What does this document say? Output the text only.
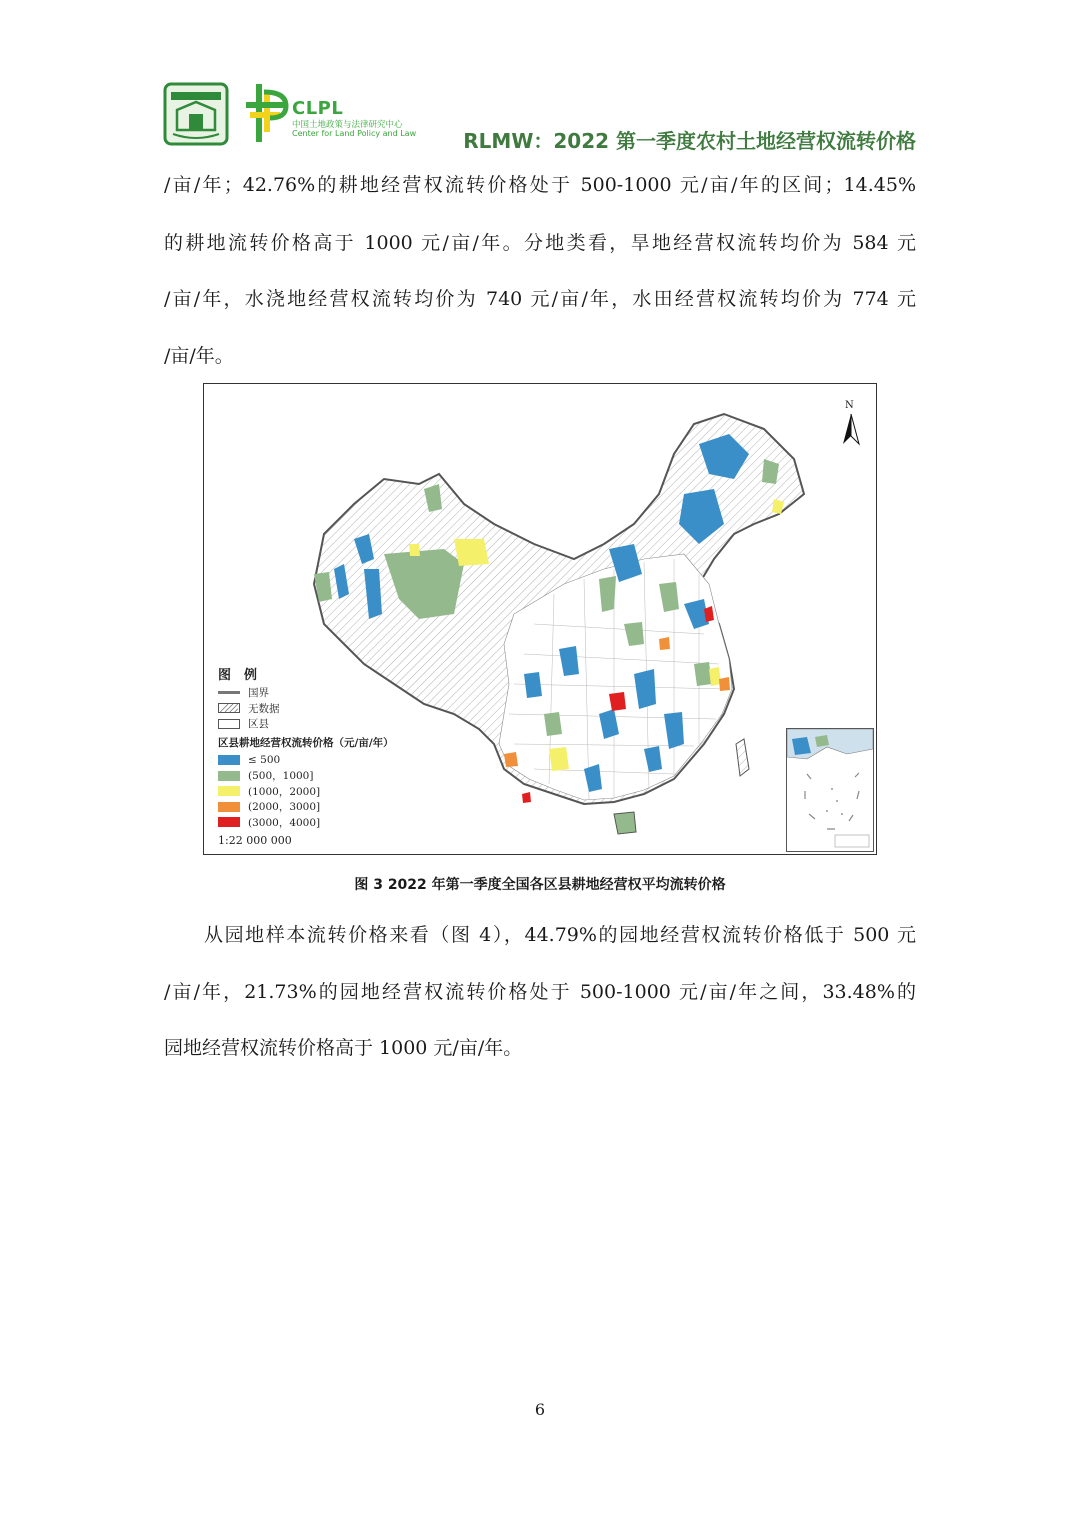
CLPL
中国土地政策与法律研究中心
Center for Land Policy and Law RLMW：2022 第一季度农村土地经营权流转价格
/亩/年；42.76%的耕地经营权流转价格处于 500-1000 元/亩/年的区间；14.45%
的耕地流转价格高于 1000 元/亩/年。分地类看，旱地经营权流转均价为 584 元
/亩/年，水浇地经营权流转均价为 740 元/亩/年，水田经营权流转均价为 774 元
/亩/年。
N
图　例
国界
无数据
区县
区县耕地经营权流转价格（元/亩/年）
≤ 500
(500，1000]
(1000，2000]
(2000，3000]
(3000，4000]
1:22 000 000
图 3 2022 年第一季度全国各区县耕地经营权平均流转价格
从园地样本流转价格来看（图 4），44.79%的园地经营权流转价格低于 500 元
/亩/年，21.73%的园地经营权流转价格处于 500-1000 元/亩/年之间，33.48%的
园地经营权流转价格高于 1000 元/亩/年。
6
